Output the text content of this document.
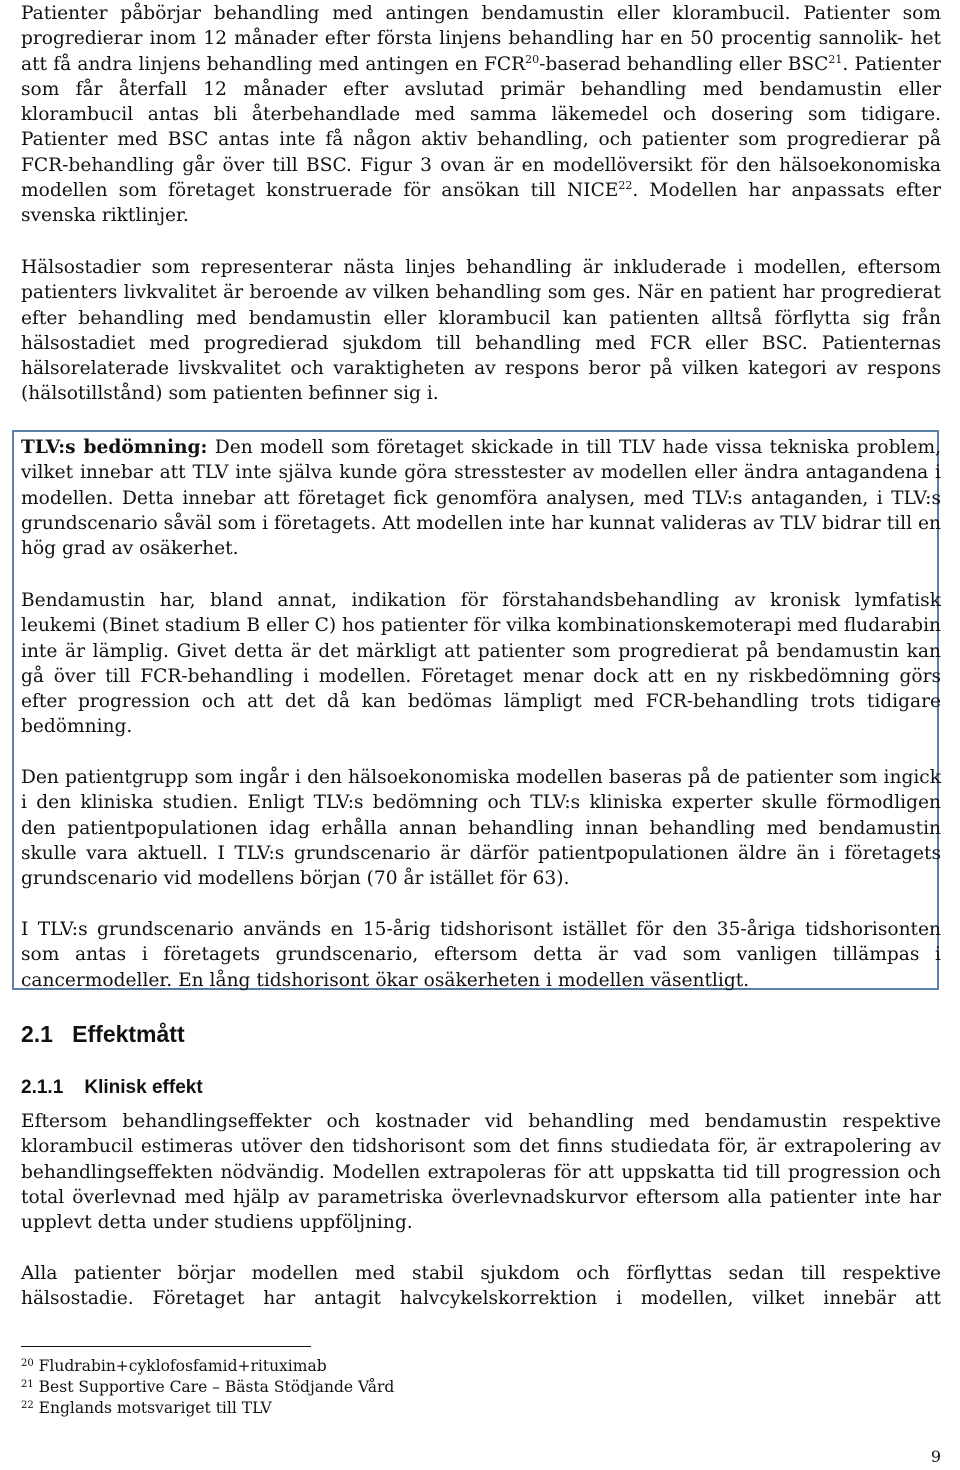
Patienter påbörjar behandling med antingen bendamustin eller klorambucil. Patienter som progredierar inom 12 månader efter första linjens behandling har en 50 procentig sannolik- het att få andra linjens behandling med antingen en FCR$^{20}$-baserad behandling eller BSC$^{21}$. Patienter som får återfall 12 månader efter avslutad primär behandling med bendamustin eller klorambucil antas bli återbehandlade med samma läkemedel och dosering som tidigare. Patienter med BSC antas inte få någon aktiv behandling, och patienter som progredierar på FCR-behandling går över till BSC. Figur 3 ovan är en modellöversikt för den hälsoekonomiska modellen som företaget konstruerade för ansökan till NICE$^{22}$. Modellen har anpassats efter svenska riktlinjer.

Hälsostadier som representerar nästa linjes behandling är inkluderade i modellen, eftersom patienters livkvalitet är beroende av vilken behandling som ges. När en patient har progredierat efter behandling med bendamustin eller klorambucil kan patienten alltså förflytta sig från hälsostadiet med progredierad sjukdom till behandling med FCR eller BSC. Patienternas hälsorelaterade livskvalitet och varaktigheten av respons beror på vilken kategori av respons (hälsotillstånd) som patienten befinner sig i.

TLV:s bedömning: Den modell som företaget skickade in till TLV hade vissa tekniska problem, vilket innebar att TLV inte själva kunde göra stresstester av modellen eller ändra antagandena i modellen. Detta innebar att företaget fick genomföra analysen, med TLV:s antaganden, i TLV:s grundscenario såväl som i företagets. Att modellen inte har kunnat valideras av TLV bidrar till en hög grad av osäkerhet.

Bendamustin har, bland annat, indikation för förstahandsbehandling av kronisk lymfatisk leukemi (Binet stadium B eller C) hos patienter för vilka kombinationskemoterapi med fludarabin inte är lämplig. Givet detta är det märkligt att patienter som progredierat på bendamustin kan gå över till FCR-behandling i modellen. Företaget menar dock att en ny riskbedömning görs efter progression och att det då kan bedömas lämpligt med FCR-behandling trots tidigare bedömning.

Den patientgrupp som ingår i den hälsoekonomiska modellen baseras på de patienter som ingick i den kliniska studien. Enligt TLV:s bedömning och TLV:s kliniska experter skulle förmodligen den patientpopulationen idag erhålla annan behandling innan behandling med bendamustin skulle vara aktuell. I TLV:s grundscenario är därför patientpopulationen äldre än i företagets grundscenario vid modellens början (70 år istället för 63).

I TLV:s grundscenario används en 15-årig tidshorisont istället för den 35-åriga tidshorisonten som antas i företagets grundscenario, eftersom detta är vad som vanligen tillämpas i cancermodeller. En lång tidshorisont ökar osäkerheten i modellen väsentligt.

2.1 Effektmått
2.1.1 Klinisk effekt

Eftersom behandlingseffekter och kostnader vid behandling med bendamustin respektive klorambucil estimeras utöver den tidshorisont som det finns studiedata för, är extrapolering av behandlingseffekten nödvändig. Modellen extrapoleras för att uppskatta tid till progression och total överlevnad med hjälp av parametriska överlevnadskurvor eftersom alla patienter inte har upplevt detta under studiens uppföljning.

Alla patienter börjar modellen med stabil sjukdom och förflyttas sedan till respektive hälsostadie. Företaget har antagit halvcykelskorrektion i modellen, vilket innebär att

$^{20}$ Fludrabin+cyklofosfamid+rituximab
$^{21}$ Best Supportive Care – Bästa Stödjande Vård
$^{22}$ Englands motsvariget till TLV
9
